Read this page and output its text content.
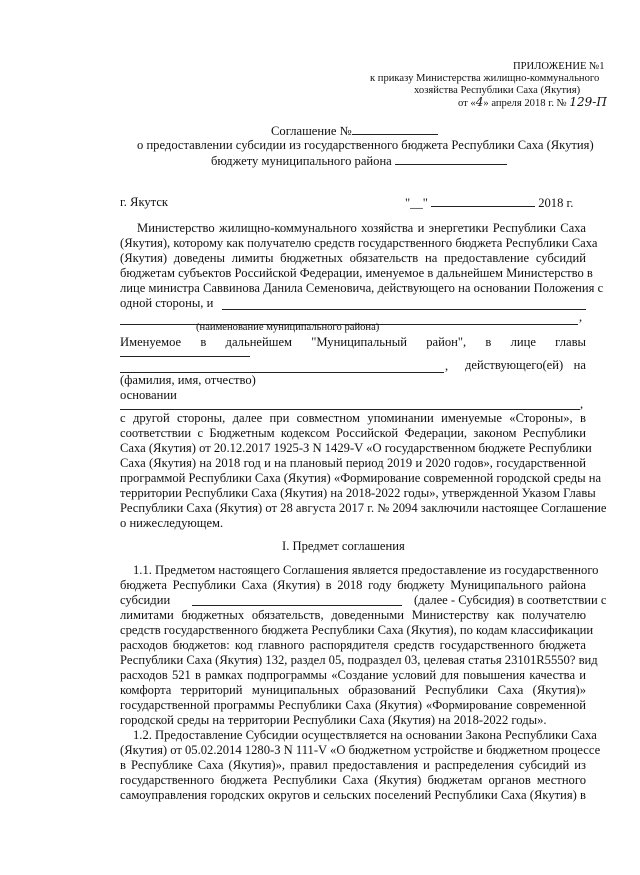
ПРИЛОЖЕНИЕ №1
к приказу Министерства жилищно-коммунального
хозяйства Республики Саха (Якутия)
от «4» апреля 2018 г. № 129-П
Соглашение №
о предоставлении субсидии из государственного бюджета Республики Саха (Якутия)
бюджету муниципального района
г. Якутск	"__"	2018 г.
Министерство жилищно-коммунального хозяйства и энергетики Республики Саха
(Якутия), которому как получателю средств государственного бюджета Республики Саха
(Якутия) доведены лимиты бюджетных обязательств на предоставление субсидий
бюджетам субъектов Российской Федерации, именуемое в дальнейшем Министерство в
лице министра Саввинова Данила Семеновича, действующего на основании Положения с
одной стороны, и
,
(наименование муниципального района)
Именуемое в дальнейшем "Муниципальный район", в лице главы
, действующего(ей) на
(фамилия, имя, отчество)
основании
,
с другой стороны, далее при совместном упоминании именуемые «Стороны», в
соответствии с Бюджетным кодексом Российской Федерации, законом Республики
Саха (Якутия) от 20.12.2017 1925-З N 1429-V «О государственном бюджете Республики
Саха (Якутия) на 2018 год и на плановый период 2019 и 2020 годов», государственной
программой Республики Саха (Якутия) «Формирование современной городской среды на
территории Республики Саха (Якутия) на 2018-2022 годы», утвержденной Указом Главы
Республики Саха (Якутия) от 28 августа 2017 г. № 2094 заключили настоящее Соглашение
о нижеследующем.
I. Предмет соглашения
1.1. Предметом настоящего Соглашения является предоставление из государственного
бюджета Республики Саха (Якутия) в 2018 году бюджету Муниципального района
субсидии	(далее - Субсидия) в соответствии с
лимитами бюджетных обязательств, доведенными Министерству как получателю
средств государственного бюджета Республики Саха (Якутия), по кодам классификации
расходов бюджетов: код главного распорядителя средств государственного бюджета
Республики Саха (Якутия) 132, раздел 05, подраздел 03, целевая статья 23101R5550? вид
расходов 521 в рамках подпрограммы «Создание условий для повышения качества и
комфорта территорий муниципальных образований Республики Саха (Якутия)»
государственной программы Республики Саха (Якутия) «Формирование современной
городской среды на территории Республики Саха (Якутия) на 2018-2022 годы».
1.2. Предоставление Субсидии осуществляется на основании Закона Республики Саха
(Якутия) от 05.02.2014 1280-З N 111-V «О бюджетном устройстве и бюджетном процессе
в Республике Саха (Якутия)», правил предоставления и распределения субсидий из
государственного бюджета Республики Саха (Якутия) бюджетам органов местного
самоуправления городских округов и сельских поселений Республики Саха (Якутия) в
